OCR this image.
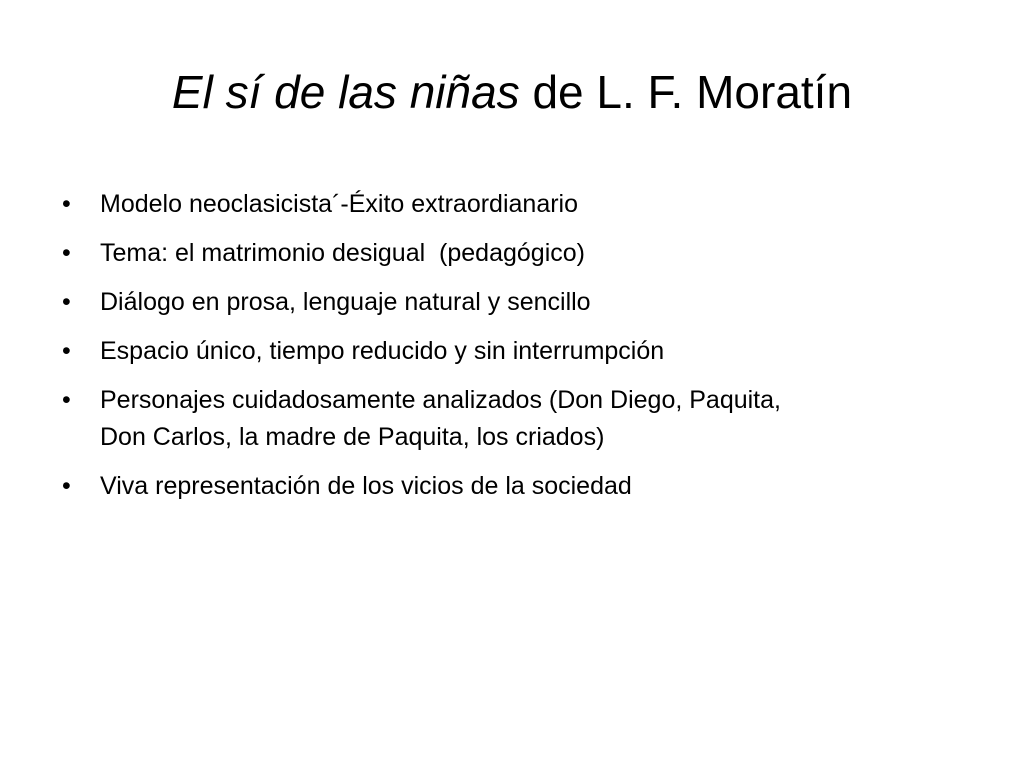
El sí de las niñas de L. F. Moratín
• Modelo neoclasicista´-Éxito extraordianario
• Tema: el matrimonio desigual  (pedagógico)
• Diálogo en prosa, lenguaje natural y sencillo
• Espacio único, tiempo reducido y sin interrumpción
• Personajes cuidadosamente analizados (Don Diego, Paquita,
Don Carlos, la madre de Paquita, los criados)
• Viva representación de los vicios de la sociedad
